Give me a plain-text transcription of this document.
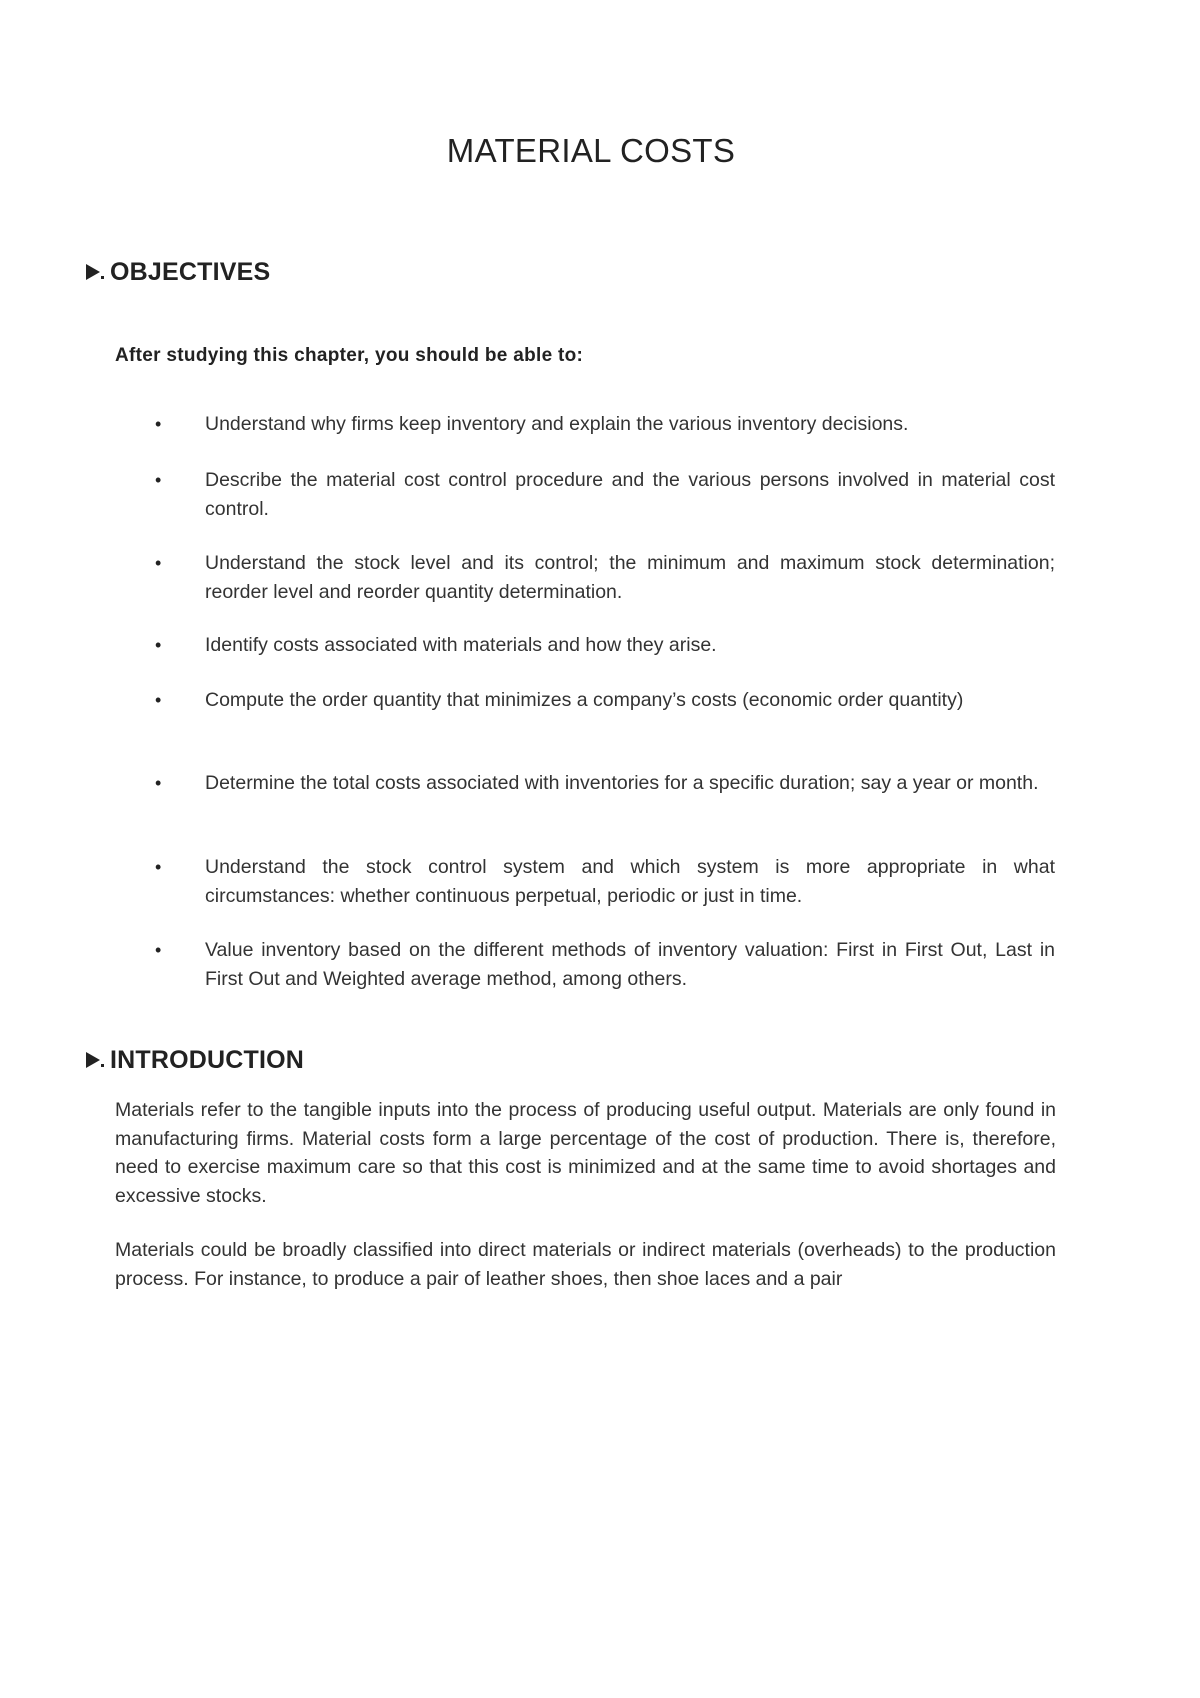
MATERIAL COSTS
OBJECTIVES

After studying this chapter, you should be able to:

•	Understand why firms keep inventory and explain the various inventory decisions.
•	Describe the material cost control procedure and the various persons involved in material cost control.
•	Understand the stock level and its control; the minimum and maximum stock determination; reorder level and reorder quantity determination.
•	Identify costs associated with materials and how they arise.
•	Compute the order quantity that minimizes a company’s costs (economic order quantity)
•	Determine the total costs associated with inventories for a specific duration; say a year or month.
•	Understand the stock control system and which system is more appropriate in what circumstances: whether continuous perpetual, periodic or just in time.
•	Value inventory based on the different methods of inventory valuation: First in First Out, Last in First Out and Weighted average method, among others.
INTRODUCTION

Materials refer to the tangible inputs into the process of producing useful output. Materials are only found in manufacturing firms. Material costs form a large percentage of the cost of production. There is, therefore, need to exercise maximum care so that this cost is minimized and at the same time to avoid shortages and excessive stocks.

Materials could be broadly classified into direct materials or indirect materials (overheads) to the production process. For instance, to produce a pair of leather shoes, then shoe laces and a pair
